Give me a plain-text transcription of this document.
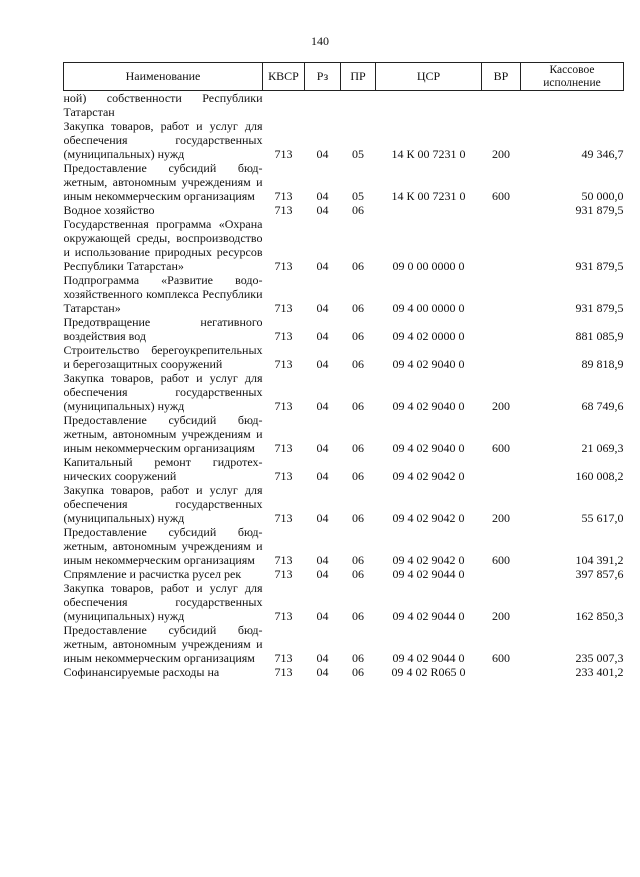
140
Наименование	КВСР	Рз	ПР	ЦСР	ВР	Кассовое исполнение
ной) собственности Республики Татарстан						
Закупка товаров, работ и услуг для обеспечения государственных (муниципальных) нужд	713	04	05	14 К 00 7231 0	200	49 346,7
Предоставление субсидий бюджетным, автономным учреждениям и иным некоммерческим организациям	713	04	05	14 К 00 7231 0	600	50 000,0
Водное хозяйство	713	04	06			931 879,5
Государственная программа «Охрана окружающей среды, воспроизводство и использование природных ресурсов Республики Татарстан»	713	04	06	09 0 00 0000 0		931 879,5
Подпрограмма «Развитие водохозяйственного комплекса Республики Татарстан»	713	04	06	09 4 00 0000 0		931 879,5
Предотвращение негативного воздействия вод	713	04	06	09 4 02 0000 0		881 085,9
Строительство берегоукрепительных и берегозащитных сооружений	713	04	06	09 4 02 9040 0		89 818,9
Закупка товаров, работ и услуг для обеспечения государственных (муниципальных) нужд	713	04	06	09 4 02 9040 0	200	68 749,6
Предоставление субсидий бюджетным, автономным учреждениям и иным некоммерческим организациям	713	04	06	09 4 02 9040 0	600	21 069,3
Капитальный ремонт гидротехнических сооружений	713	04	06	09 4 02 9042 0		160 008,2
Закупка товаров, работ и услуг для обеспечения государственных (муниципальных) нужд	713	04	06	09 4 02 9042 0	200	55 617,0
Предоставление субсидий бюджетным, автономным учреждениям и иным некоммерческим организациям	713	04	06	09 4 02 9042 0	600	104 391,2
Спрямление и расчистка русел рек	713	04	06	09 4 02 9044 0		397 857,6
Закупка товаров, работ и услуг для обеспечения государственных (муниципальных) нужд	713	04	06	09 4 02 9044 0	200	162 850,3
Предоставление субсидий бюджетным, автономным учреждениям и иным некоммерческим организациям	713	04	06	09 4 02 9044 0	600	235 007,3
Софинансируемые расходы на	713	04	06	09 4 02 R065 0		233 401,2
